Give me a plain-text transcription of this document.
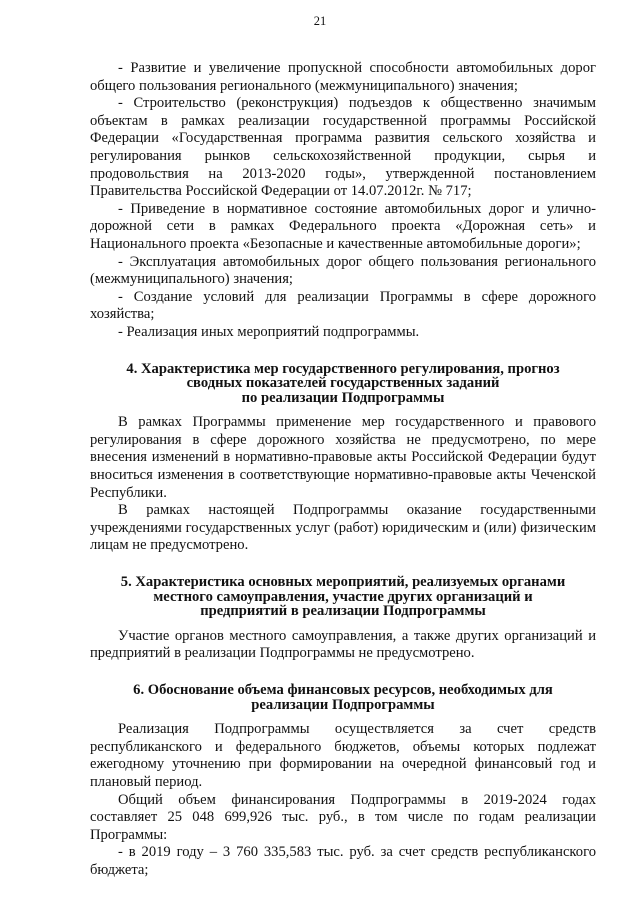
21

- Развитие и увеличение пропускной способности автомобильных дорог общего пользования регионального (межмуниципального) значения;

- Строительство (реконструкция) подъездов к общественно значимым объектам в рамках реализации государственной программы Российской Федерации «Государственная программа развития сельского хозяйства и регулирования рынков сельскохозяйственной продукции, сырья и продовольствия на 2013-2020 годы», утвержденной постановлением Правительства Российской Федерации от 14.07.2012г. № 717;

- Приведение в нормативное состояние автомобильных дорог и улично-дорожной сети в рамках Федерального проекта «Дорожная сеть» и Национального проекта «Безопасные и качественные автомобильные дороги»;

- Эксплуатация автомобильных дорог общего пользования регионального (межмуниципального) значения;

- Создание условий для реализации Программы в сфере дорожного хозяйства;

- Реализация иных мероприятий подпрограммы.

4. Характеристика мер государственного регулирования, прогноз
сводных показателей государственных заданий
по реализации Подпрограммы

В рамках Программы применение мер государственного и правового регулирования в сфере дорожного хозяйства не предусмотрено, по мере внесения изменений в нормативно-правовые акты Российской Федерации будут вноситься изменения в соответствующие нормативно-правовые акты Чеченской Республики.

В рамках настоящей Подпрограммы оказание государственными учреждениями государственных услуг (работ) юридическим и (или) физическим лицам не предусмотрено.

5. Характеристика основных мероприятий, реализуемых органами
местного самоуправления, участие других организаций и
предприятий в реализации Подпрограммы

Участие органов местного самоуправления, а также других организаций и предприятий в реализации Подпрограммы не предусмотрено.

6. Обоснование объема финансовых ресурсов, необходимых для
реализации Подпрограммы

Реализация Подпрограммы осуществляется за счет средств республиканского и федерального бюджетов, объемы которых подлежат ежегодному уточнению при формировании на очередной финансовый год и плановый период.

Общий объем финансирования Подпрограммы в 2019-2024 годах составляет 25 048 699,926 тыс. руб., в том числе по годам реализации Программы:

- в 2019 году – 3 760 335,583 тыс. руб. за счет средств республиканского бюджета;
